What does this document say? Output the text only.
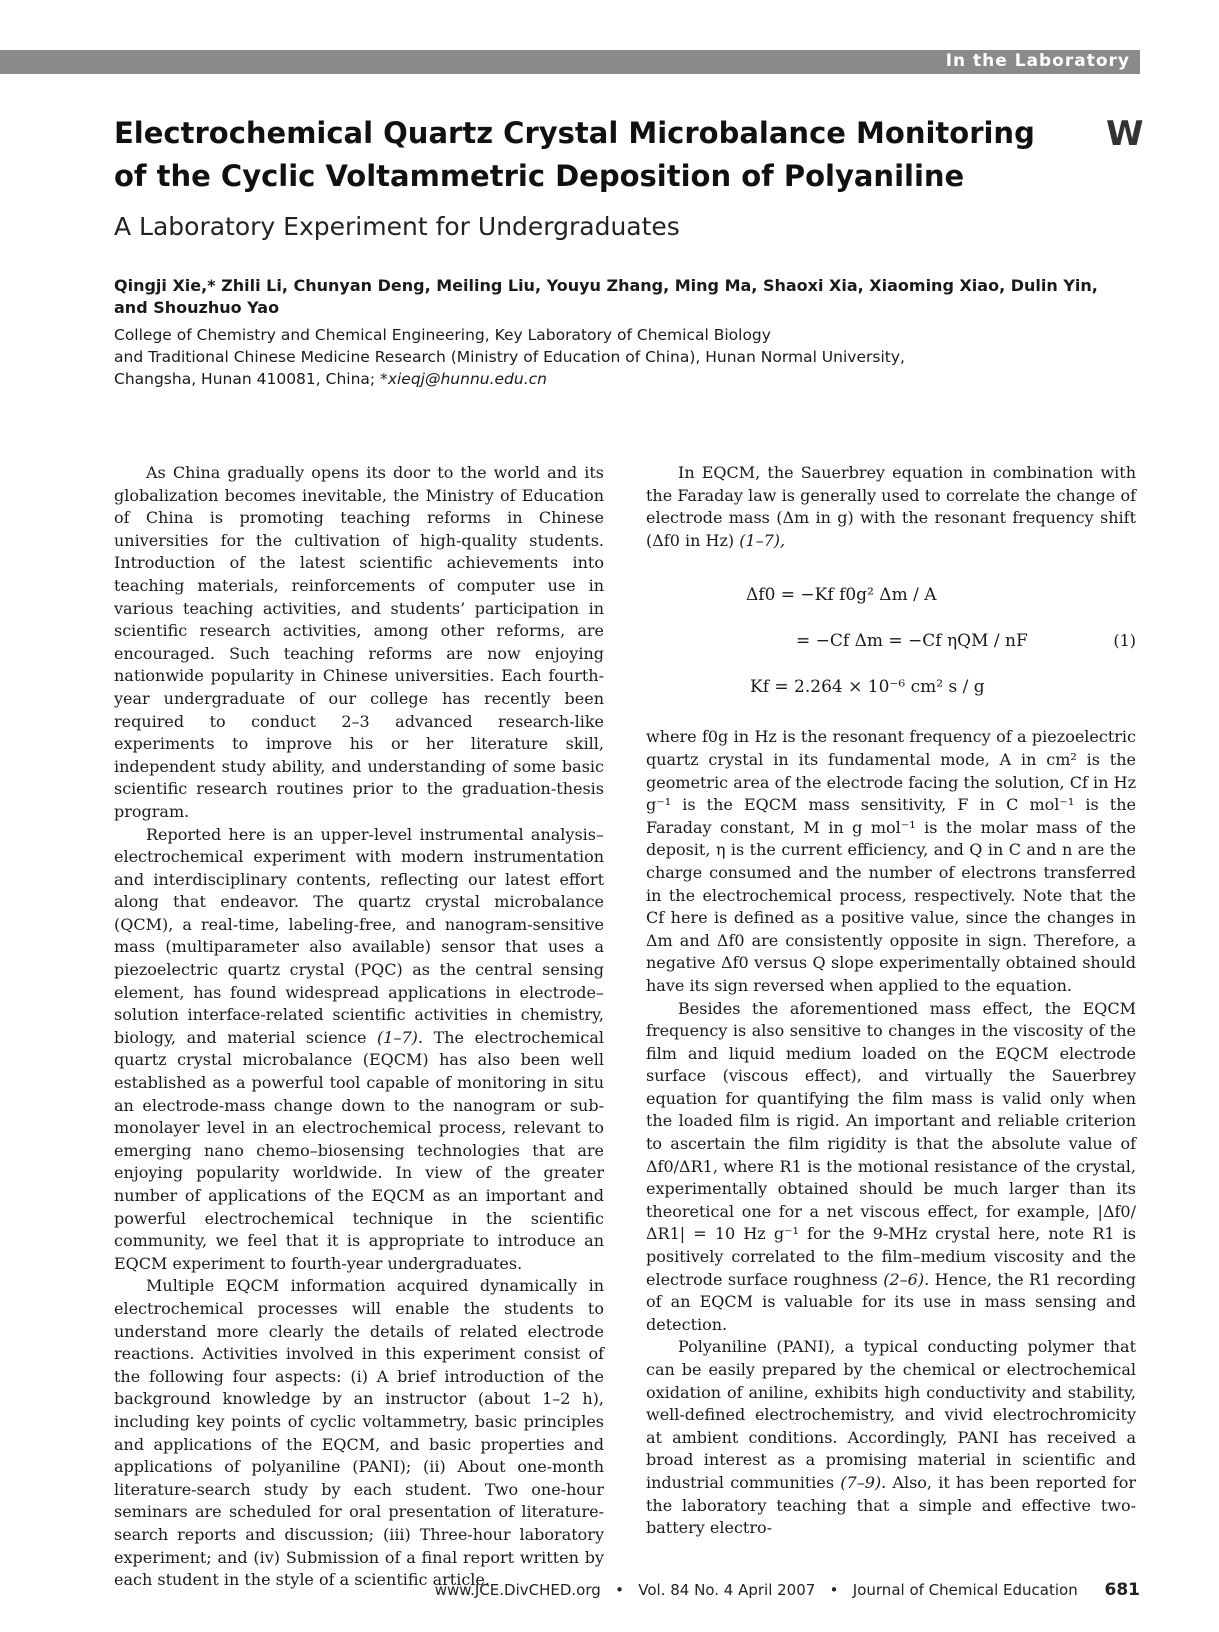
In the Laboratory
W
Electrochemical Quartz Crystal Microbalance Monitoring of the Cyclic Voltammetric Deposition of Polyaniline
A Laboratory Experiment for Undergraduates
Qingji Xie,* Zhili Li, Chunyan Deng, Meiling Liu, Youyu Zhang, Ming Ma, Shaoxi Xia, Xiaoming Xiao, Dulin Yin, and Shouzhuo Yao
College of Chemistry and Chemical Engineering, Key Laboratory of Chemical Biology
and Traditional Chinese Medicine Research (Ministry of Education of China), Hunan Normal University,
Changsha, Hunan 410081, China; *xieqj@hunnu.edu.cn

As China gradually opens its door to the world and its globalization becomes inevitable, the Ministry of Education of China is promoting teaching reforms in Chinese universities for the cultivation of high-quality students. Introduction of the latest scientific achievements into teaching materials, reinforcements of computer use in various teaching activities, and students’ participation in scientific research activities, among other reforms, are encouraged. Such teaching reforms are now enjoying nationwide popularity in Chinese universities. Each fourth-year undergraduate of our college has recently been required to conduct 2–3 advanced research-like experiments to improve his or her literature skill, independent study ability, and understanding of some basic scientific research routines prior to the graduation-thesis program.

Reported here is an upper-level instrumental analysis–electrochemical experiment with modern instrumentation and interdisciplinary contents, reflecting our latest effort along that endeavor. The quartz crystal microbalance (QCM), a real-time, labeling-free, and nanogram-sensitive mass (multiparameter also available) sensor that uses a piezoelectric quartz crystal (PQC) as the central sensing element, has found widespread applications in electrode–solution interface-related scientific activities in chemistry, biology, and material science (1–7). The electrochemical quartz crystal microbalance (EQCM) has also been well established as a powerful tool capable of monitoring in situ an electrode-mass change down to the nanogram or sub-monolayer level in an electrochemical process, relevant to emerging nano chemo–biosensing technologies that are enjoying popularity worldwide. In view of the greater number of applications of the EQCM as an important and powerful electrochemical technique in the scientific community, we feel that it is appropriate to introduce an EQCM experiment to fourth-year undergraduates.

Multiple EQCM information acquired dynamically in electrochemical processes will enable the students to understand more clearly the details of related electrode reactions. Activities involved in this experiment consist of the following four aspects: (i) A brief introduction of the background knowledge by an instructor (about 1–2 h), including key points of cyclic voltammetry, basic principles and applications of the EQCM, and basic properties and applications of polyaniline (PANI); (ii) About one-month literature-search study by each student. Two one-hour seminars are scheduled for oral presentation of literature-search reports and discussion; (iii) Three-hour laboratory experiment; and (iv) Submission of a final report written by each student in the style of a scientific article.

In EQCM, the Sauerbrey equation in combination with the Faraday law is generally used to correlate the change of electrode mass (Δm in g) with the resonant frequency shift (Δf0 in Hz) (1–7),

Δf0 = −Kf f0g² Δm / A
= −Cf Δm = −Cf ηQM / nF
Kf = 2.264 × 10⁻⁶ cm² s / g
(1)

where f0g in Hz is the resonant frequency of a piezoelectric quartz crystal in its fundamental mode, A in cm² is the geometric area of the electrode facing the solution, Cf in Hz g⁻¹ is the EQCM mass sensitivity, F in C mol⁻¹ is the Faraday constant, M in g mol⁻¹ is the molar mass of the deposit, η is the current efficiency, and Q in C and n are the charge consumed and the number of electrons transferred in the electrochemical process, respectively. Note that the Cf here is defined as a positive value, since the changes in Δm and Δf0 are consistently opposite in sign. Therefore, a negative Δf0 versus Q slope experimentally obtained should have its sign reversed when applied to the equation.

Besides the aforementioned mass effect, the EQCM frequency is also sensitive to changes in the viscosity of the film and liquid medium loaded on the EQCM electrode surface (viscous effect), and virtually the Sauerbrey equation for quantifying the film mass is valid only when the loaded film is rigid. An important and reliable criterion to ascertain the film rigidity is that the absolute value of Δf0/ΔR1, where R1 is the motional resistance of the crystal, experimentally obtained should be much larger than its theoretical one for a net viscous effect, for example, |Δf0/ΔR1| = 10 Hz g⁻¹ for the 9-MHz crystal here, note R1 is positively correlated to the film–medium viscosity and the electrode surface roughness (2–6). Hence, the R1 recording of an EQCM is valuable for its use in mass sensing and detection.

Polyaniline (PANI), a typical conducting polymer that can be easily prepared by the chemical or electrochemical oxidation of aniline, exhibits high conductivity and stability, well-defined electrochemistry, and vivid electrochromicity at ambient conditions. Accordingly, PANI has received a broad interest as a promising material in scientific and industrial communities (7–9). Also, it has been reported for the laboratory teaching that a simple and effective two-battery electro-

www.JCE.DivCHED.org • Vol. 84 No. 4 April 2007 • Journal of Chemical Education 681
